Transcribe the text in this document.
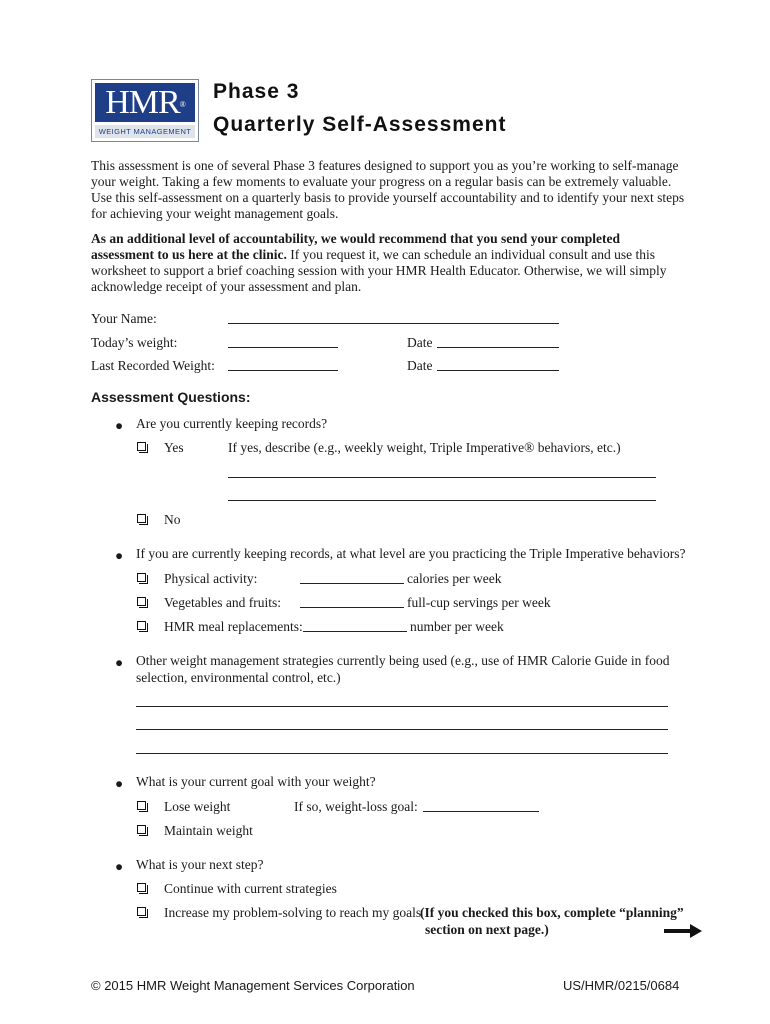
HMR®
WEIGHT MANAGEMENT
Phase 3
Quarterly Self-Assessment
This assessment is one of several Phase 3 features designed to support you as you’re working to self-manage
your weight. Taking a few moments to evaluate your progress on a regular basis can be extremely valuable.
Use this self-assessment on a quarterly basis to provide yourself accountability and to identify your next steps
for achieving your weight management goals.
As an additional level of accountability, we would recommend that you send your completed
assessment to us here at the clinic. If you request it, we can schedule an individual consult and use this
worksheet to support a brief coaching session with your HMR Health Educator. Otherwise, we will simply
acknowledge receipt of your assessment and plan.
Your Name:
Today’s weight:	Date
Last Recorded Weight:	Date
Assessment Questions:
● Are you currently keeping records?
Yes	If yes, describe (e.g., weekly weight, Triple Imperative® behaviors, etc.)
No
● If you are currently keeping records, at what level are you practicing the Triple Imperative behaviors?
Physical activity:	calories per week
Vegetables and fruits:	full-cup servings per week
HMR meal replacements:	number per week
● Other weight management strategies currently being used (e.g., use of HMR Calorie Guide in food
selection, environmental control, etc.)
● What is your current goal with your weight?
Lose weight	If so, weight-loss goal:
Maintain weight
● What is your next step?
Continue with current strategies
Increase my problem-solving to reach my goals
(If you checked this box, complete “planning”
section on next page.)
© 2015 HMR Weight Management Services Corporation	US/HMR/0215/0684
